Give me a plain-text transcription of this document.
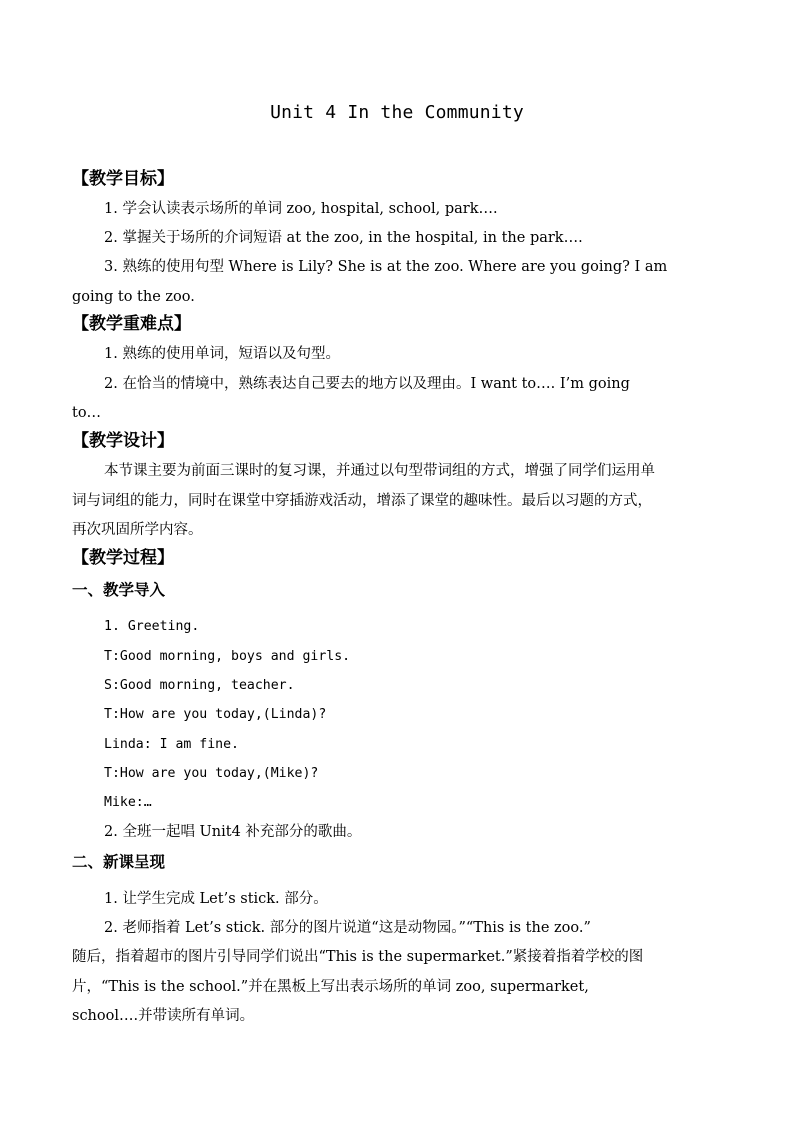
Unit 4 In the Community
【教学目标】
1. 学会认读表示场所的单词 zoo, hospital, school, park….
2. 掌握关于场所的介词短语 at the zoo, in the hospital, in the park….
3. 熟练的使用句型 Where is Lily? She is at the zoo. Where are you going? I am
going to the zoo.
【教学重难点】
1. 熟练的使用单词，短语以及句型。
2. 在恰当的情境中，熟练表达自己要去的地方以及理由。I want to…. I’m going
to…
【教学设计】
本节课主要为前面三课时的复习课，并通过以句型带词组的方式，增强了同学们运用单
词与词组的能力，同时在课堂中穿插游戏活动，增添了课堂的趣味性。最后以习题的方式，
再次巩固所学内容。
【教学过程】
一、教学导入
1. Greeting.
T:Good morning, boys and girls.
S:Good morning, teacher.
T:How are you today,(Linda)?
Linda: I am fine.
T:How are you today,(Mike)?
Mike:…
2. 全班一起唱 Unit4 补充部分的歌曲。
二、新课呈现
1. 让学生完成 Let’s stick. 部分。
2. 老师指着 Let’s stick. 部分的图片说道“这是动物园。”“This is the zoo.”
随后，指着超市的图片引导同学们说出“This is the supermarket.”紧接着指着学校的图
片，“This is the school.”并在黑板上写出表示场所的单词 zoo, supermarket,
school….并带读所有单词。
